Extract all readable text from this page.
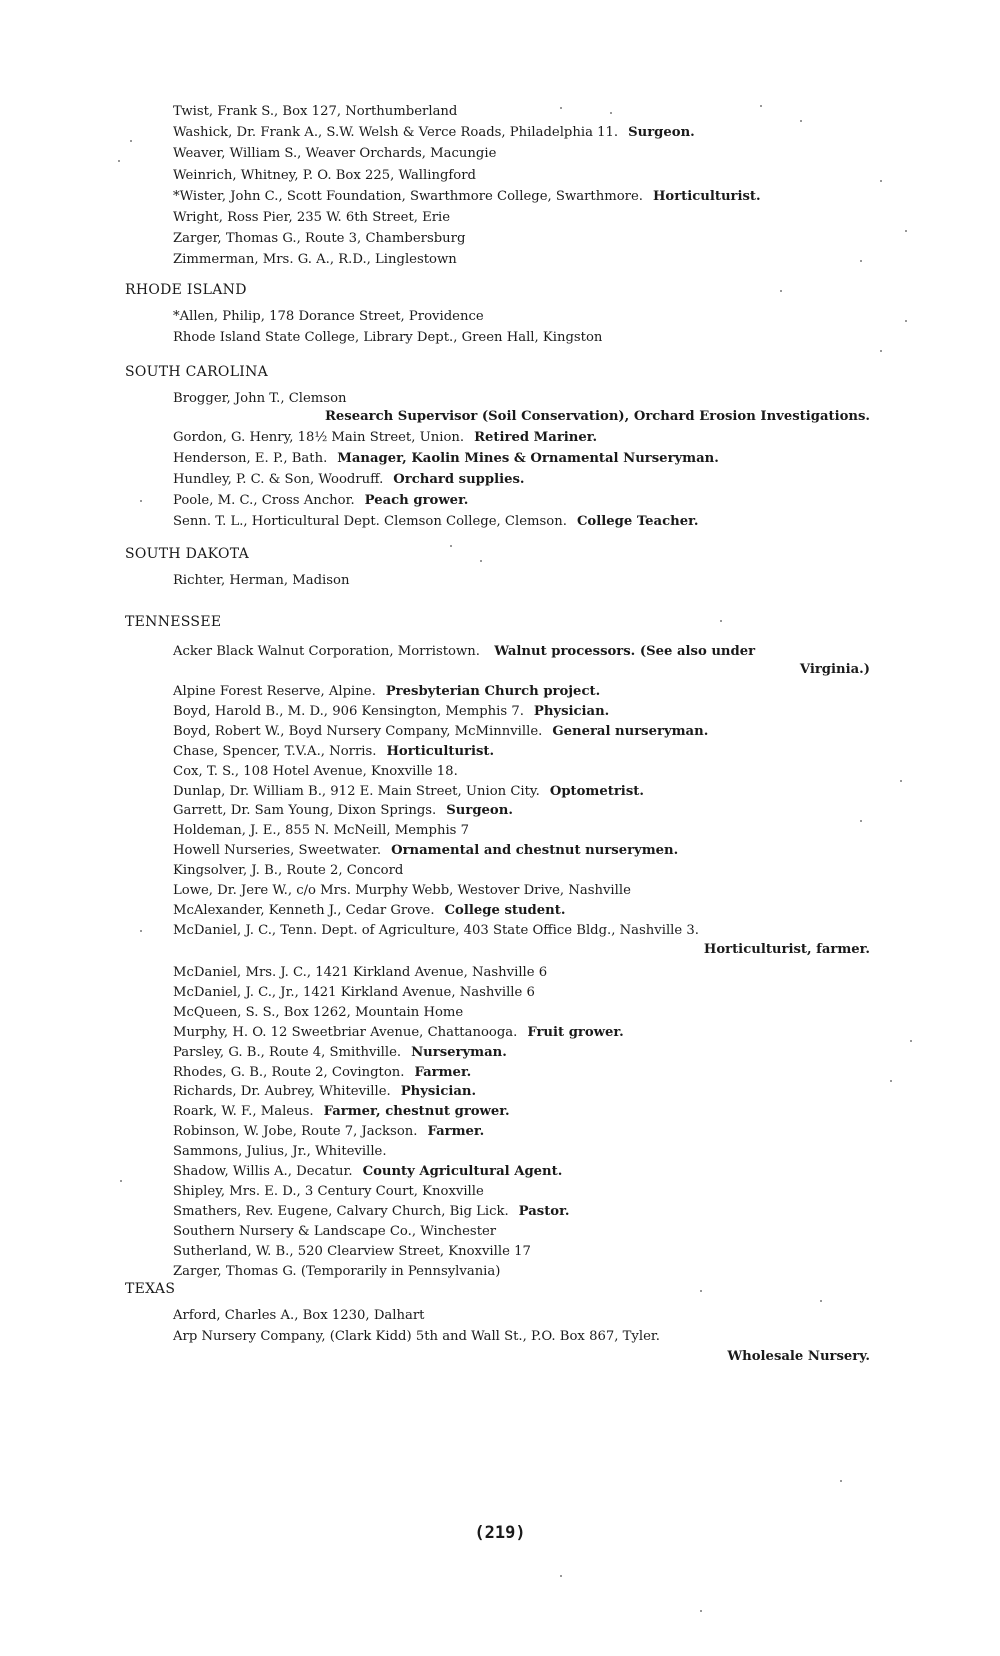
Twist, Frank S., Box 127, Northumberland
Washick, Dr. Frank A., S.W. Welsh & Verce Roads, Philadelphia 11. Surgeon.
Weaver, William S., Weaver Orchards, Macungie
Weinrich, Whitney, P. O. Box 225, Wallingford
*Wister, John C., Scott Foundation, Swarthmore College, Swarthmore. Horticulturist.
Wright, Ross Pier, 235 W. 6th Street, Erie
Zarger, Thomas G., Route 3, Chambersburg
Zimmerman, Mrs. G. A., R.D., Linglestown
RHODE ISLAND
*Allen, Philip, 178 Dorance Street, Providence
Rhode Island State College, Library Dept., Green Hall, Kingston
SOUTH CAROLINA
Brogger, John T., Clemson
Research Supervisor (Soil Conservation), Orchard Erosion Investigations.
Gordon, G. Henry, 18½ Main Street, Union. Retired Mariner.
Henderson, E. P., Bath. Manager, Kaolin Mines & Ornamental Nurseryman.
Hundley, P. C. & Son, Woodruff. Orchard supplies.
Poole, M. C., Cross Anchor. Peach grower.
Senn. T. L., Horticultural Dept. Clemson College, Clemson. College Teacher.
SOUTH DAKOTA
Richter, Herman, Madison
TENNESSEE
Acker Black Walnut Corporation, Morristown. Walnut processors. (See also under
Virginia.)
Alpine Forest Reserve, Alpine. Presbyterian Church project.
Boyd, Harold B., M. D., 906 Kensington, Memphis 7. Physician.
Boyd, Robert W., Boyd Nursery Company, McMinnville. General nurseryman.
Chase, Spencer, T.V.A., Norris. Horticulturist.
Cox, T. S., 108 Hotel Avenue, Knoxville 18.
Dunlap, Dr. William B., 912 E. Main Street, Union City. Optometrist.
Garrett, Dr. Sam Young, Dixon Springs. Surgeon.
Holdeman, J. E., 855 N. McNeill, Memphis 7
Howell Nurseries, Sweetwater. Ornamental and chestnut nurserymen.
Kingsolver, J. B., Route 2, Concord
Lowe, Dr. Jere W., c/o Mrs. Murphy Webb, Westover Drive, Nashville
McAlexander, Kenneth J., Cedar Grove. College student.
McDaniel, J. C., Tenn. Dept. of Agriculture, 403 State Office Bldg., Nashville 3.
Horticulturist, farmer.
McDaniel, Mrs. J. C., 1421 Kirkland Avenue, Nashville 6
McDaniel, J. C., Jr., 1421 Kirkland Avenue, Nashville 6
McQueen, S. S., Box 1262, Mountain Home
Murphy, H. O. 12 Sweetbriar Avenue, Chattanooga. Fruit grower.
Parsley, G. B., Route 4, Smithville. Nurseryman.
Rhodes, G. B., Route 2, Covington. Farmer.
Richards, Dr. Aubrey, Whiteville. Physician.
Roark, W. F., Maleus. Farmer, chestnut grower.
Robinson, W. Jobe, Route 7, Jackson. Farmer.
Sammons, Julius, Jr., Whiteville.
Shadow, Willis A., Decatur. County Agricultural Agent.
Shipley, Mrs. E. D., 3 Century Court, Knoxville
Smathers, Rev. Eugene, Calvary Church, Big Lick. Pastor.
Southern Nursery & Landscape Co., Winchester
Sutherland, W. B., 520 Clearview Street, Knoxville 17
Zarger, Thomas G. (Temporarily in Pennsylvania)
TEXAS
Arford, Charles A., Box 1230, Dalhart
Arp Nursery Company, (Clark Kidd) 5th and Wall St., P.O. Box 867, Tyler.
Wholesale Nursery.
(219)
